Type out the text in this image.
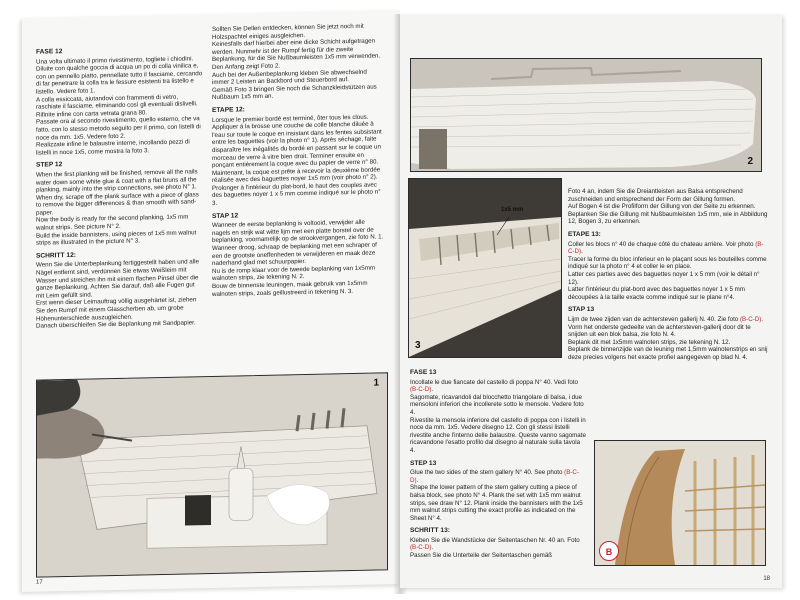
FASE 12

Una volta ultimato il primo rivestimento, togliete i chiodini. Diluite con qualche goccia di acqua un po di colla vinilica e, con un pennello piatto, pennellate tutto il fasciame, cercando di far penetrare la colla tra le fessure esistenti tra listello e listello. Vedere foto 1.
A colla essiccata, aiutandovi con frammenti di vetro, raschiate il fasciame, eliminando così gli eventuali dislivelli. Rifinite infine con carta vetrata grana 80.
Passate ora al secondo rivestimento, quello esterno, che va fatto, con lo stesso metodo seguito per il primo, con listelli di noce da mm. 1x5. Vedere foto 2.
Realizzate infine le balaustre interne, incollando pezzi di listelli in noce 1x5, come mostra la foto 3.

STEP 12

When the first planking will be finished, remove all the nails water down some white glue & coat with a flat bruns all the planking, mainly into the strip connections, see photo N° 1.
When dry, scrape off the plank surface with a piece of glass to remove the bigger differences & than smooth with sand-paper.
Now the body is ready for the second planking, 1x5 mm walnut strips. See picture N° 2.
Build the inside bannisters, using pieces of 1x5 mm walnut strips as illustrated in the picture N° 3.

SCHRITT 12:

Wenn Sie die Unterbeplankung fertiggestellt haben und alle Nägel entfernt sind, verdünnen Sie etwas Weißleim mit Wasser und streichen ihn mit einem flachen Pinsel über die ganze Beplankung. Achten Sie darauf, daß alle Fugen gut mit Leim gefüllt sind.
Erst wenn dieser Leimauftrag völlig ausgehärtet ist, ziehen Sie den Rumpf mit einem Glasscherben ab, um grobe Höhenunterschiede auszugleichen.
Danach überschleifen Sie die Beplankung mit Sandpapier.

Sollten Sie Dellen entdecken, können Sie jetzt noch mit Holzspachtel einiges ausgleichen.
Keinesfalls darf hierbei aber eine dicke Schicht aufgetragen werden. Nunmehr ist der Rumpf fertig für die zweite Beplankung, für die Sie Nußbaumleisten 1x5 mm verwenden. Den Anfang zeigt Foto 2.
Auch bei der Außenbeplankung kleben Sie abwechselnd immer 2 Leisten an Backbord und Steuerbord auf.
Gemäß Foto 3 bringen Sie noch die Schanzkleidstützen aus Nußbaum 1x5 mm an.

ETAPE 12:

Lorsque le premier bordé est terminé, ôter tous les clous. Appliquer à la brosse une couche de colle blanche diluée à l'eau sur toute le coque en insistant dans les fentes subsistant entre les baguettes (voir la photo n° 1). Après séchage, faite disparaître les inégalités du bordé en passant sur le coque un morceau de verre à vitre bien droit. Terminer ensuite en ponçant entièrement la coque avec du papier de verre n° 80.
Maintenant, la coque est prête à recevoir la deuxième bordée réalisée avec des baguettes noyer 1x5 mm (voir photo n° 2). Prolonger à l'intérieur du plat-bord, le haut des couples avec des baguettes noyer 1 x 5 mm comme indiqué sur le photo n° 3.

STAP 12

Wanneer de eerste beplanking is voltooid, verwijder alle nagels en strijk wat witte lijm met een platte borstel over de beplanking, voornamelijk op de strookvergangen, zie foto N. 1. Wanneer droog, schraap de beplanking met een schraper of een de grootste oneffenheden te verwijderen en maak deze naderhand glad met schuurpapier.
Nu is de romp klaar voor de tweede beplanking van 1x5mm walnoten strips, zie tekening N. 2.
Bouw de binnenste leuningen, maak gebruik van 1x5mm walnoten strips, zoals geillustreerd in tekening N. 3.

1
17
2
1x5 mm
3

Foto 4 an, indem Sie die Dreiantleisten aus Balsa entsprechend zuschneiden und entsprechend der Form der Gillung formen.
Auf Bogen 4 ist die Profilform der Gillung von der Seite zu erkennen.
Beplanken Sie die Gillung mit Nußbaumleisten 1x5 mm, wie in Abbildung 12, Bogen 3, zu erkennen.

ETAPE 13:

Coller les blocs n° 40 de chaque côté du chateau arrière. Voir photo (B-C-D).
Tracer la forme du bloc inferieur en le plaçant sous les bouteilles comme indiqué sur la photo n° 4 et coller le en place.
Latter ces parties avec des baguettes noyer 1 x 5 mm (voir le détail n° 12).
Latter l'intérieur du plat-bord avec des baguettes noyer 1 x 5 mm découpées à la taille exacte comme indiqué sur le plane n°4.

STAP 13

Lijm de twee zijden van de achtersteven gallerij N. 40. Zie foto (B-C-D).
Vorm het onderste gedeelte van de achtersteven-gallerij door dit te snijden uit een blok balsa, zie foto N. 4.
Beplank dit met 1x5mm walnoten strips, zie tekening N. 12.
Beplank de binnenzijde van de leuning met 1,5mm walnotenstrips en snij deze precies volgens het exacte profiel aangegeven op blad N. 4.

FASE 13

Incollate le due fiancate del castello di poppa N° 40. Vedi foto (B-C-D).
Sagomate, ricavandoli dal blocchetto triangolare di balsa, i due mensoloni inferiori che incollerete sotto le mensole. Vedere foto 4.
Rivestite la mensola inferiore del castello di poppa con i listelli in noce da mm. 1x5. Vedere disegno 12. Con gli stessi listelli rivestite anche l'interno delle balaustre. Queste vanno sagomate ricavandone l'esatto profilo dal disegno al naturale sulla tavola 4.

STEP 13

Glue the two sides of the stern gallery N° 40. See photo (B-C-D).
Shape the lower pattern of the stern gallery cutting a piece of balsa block, see photo N° 4. Plank the set with 1x5 mm walnut strips, see draw N° 12. Plank inside the bannisters with the 1x5 mm walnut strips cutting the exact profile as indicated on the Sheet N° 4.

SCHRITT 13:

Kleben Sie die Wandstücke der Seitentaschen Nr. 40 an. Foto (B-C-D).
Passen Sie die Unterteile der Seitentaschen gemäß	B
18
